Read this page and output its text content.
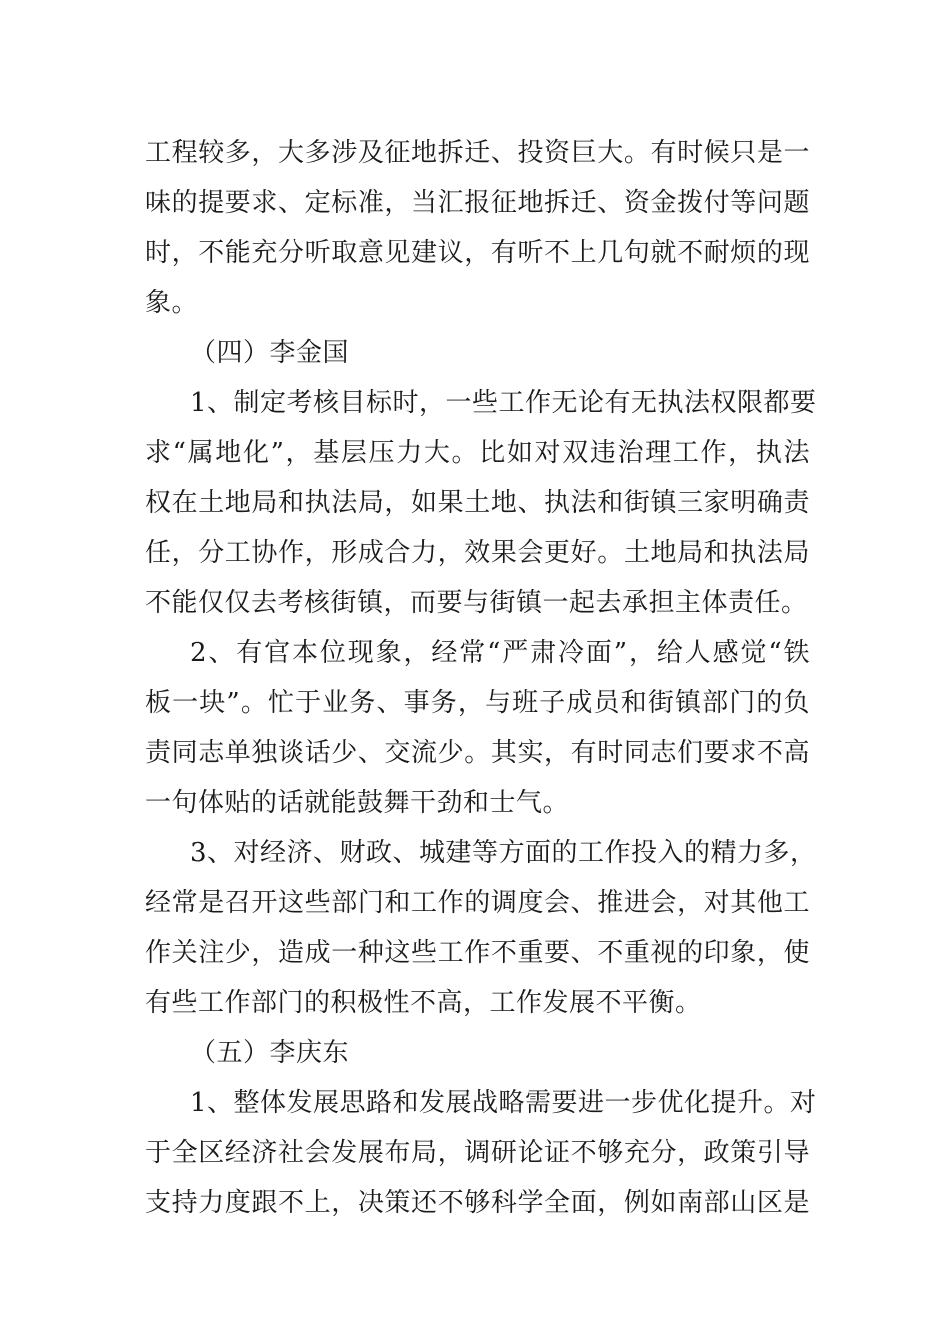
工程较多，大多涉及征地拆迁、投资巨大。有时候只是一
味的提要求、定标准，当汇报征地拆迁、资金拨付等问题
时，不能充分听取意见建议，有听不上几句就不耐烦的现
象。
（四）李金国
1、制定考核目标时，一些工作无论有无执法权限都要
求“属地化”，基层压力大。比如对双违治理工作，执法
权在土地局和执法局，如果土地、执法和街镇三家明确责
任，分工协作，形成合力，效果会更好。土地局和执法局
不能仅仅去考核街镇，而要与街镇一起去承担主体责任。
2、有官本位现象，经常“严肃冷面”，给人感觉“铁
板一块”。忙于业务、事务，与班子成员和街镇部门的负
责同志单独谈话少、交流少。其实，有时同志们要求不高
一句体贴的话就能鼓舞干劲和士气。
3、对经济、财政、城建等方面的工作投入的精力多，
经常是召开这些部门和工作的调度会、推进会，对其他工
作关注少，造成一种这些工作不重要、不重视的印象，使
有些工作部门的积极性不高，工作发展不平衡。
（五）李庆东
1、整体发展思路和发展战略需要进一步优化提升。对
于全区经济社会发展布局，调研论证不够充分，政策引导
支持力度跟不上，决策还不够科学全面，例如南部山区是
